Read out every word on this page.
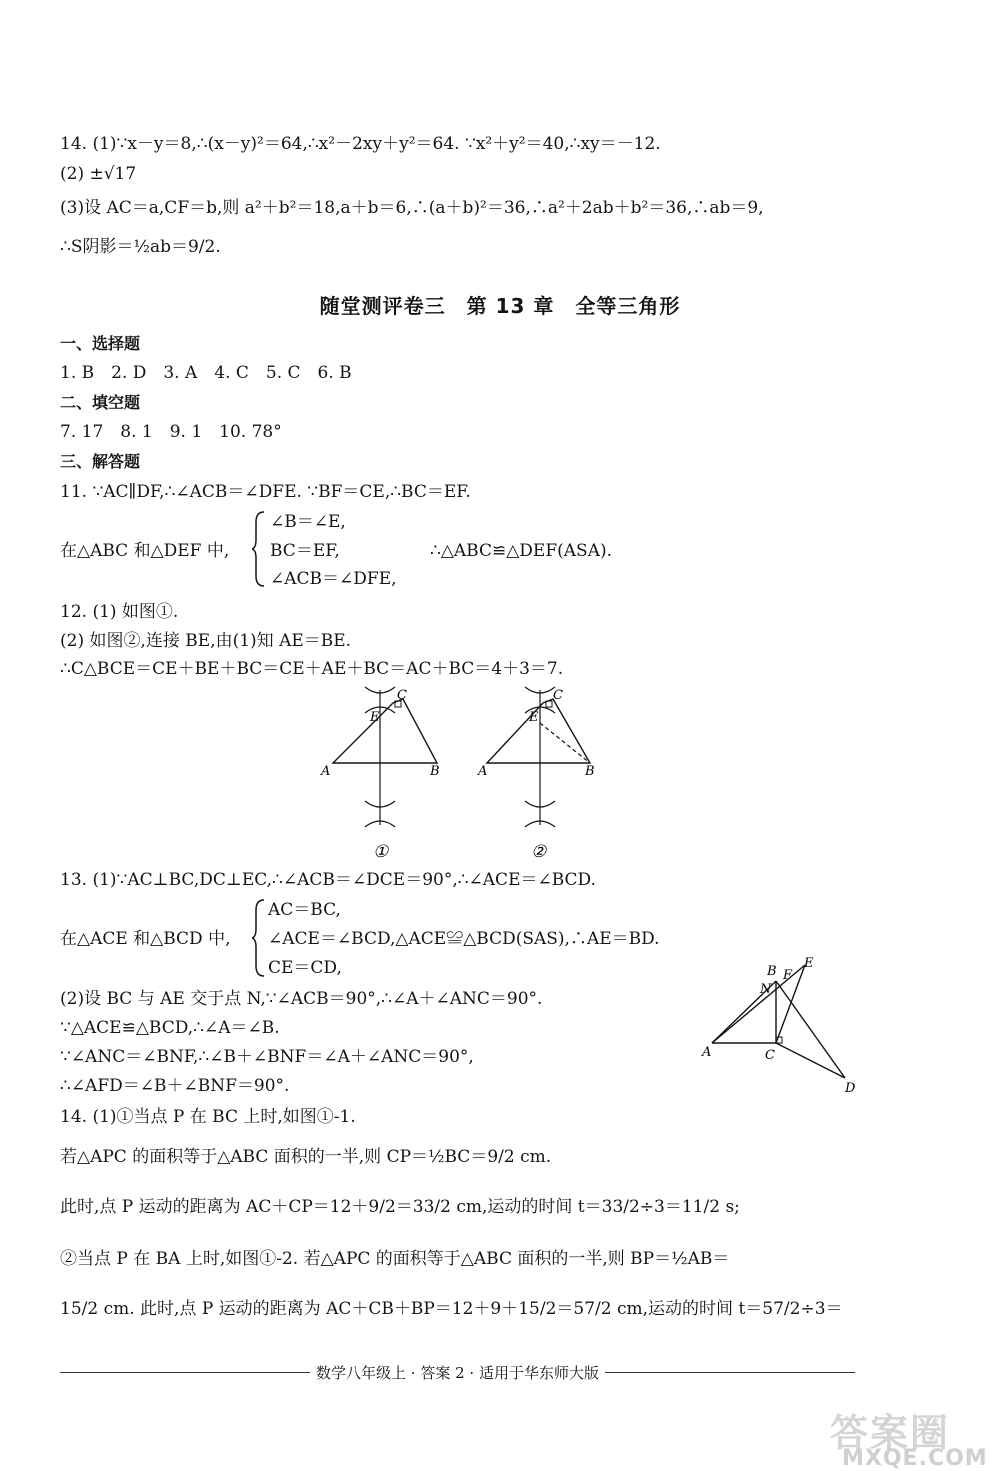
14. (1)∵x－y＝8,∴(x－y)²＝64,∴x²－2xy＋y²＝64. ∵x²＋y²＝40,∴xy＝－12.
(2) ±√17
(3)设 AC＝a,CF＝b,则 a²＋b²＝18,a＋b＝6,∴(a＋b)²＝36,∴a²＋2ab＋b²＝36,∴ab＝9,
∴S阴影＝½ab＝9/2.
随堂测评卷三　第 13 章　全等三角形
一、选择题
1. B　2. D　3. A　4. C　5. C　6. B
二、填空题
7. 17　8. 1　9. 1　10. 78°
三、解答题
11. ∵AC∥DF,∴∠ACB＝∠DFE. ∵BF＝CE,∴BC＝EF.
在△ABC 和△DEF 中,
∠B＝∠E,
BC＝EF,
∠ACB＝∠DFE,
∴△ABC≌△DEF(ASA).
12. (1) 如图①.
(2) 如图②,连接 BE,由(1)知 AE＝BE.
∴C△BCE＝CE＋BE＋BC＝CE＋AE＋BC＝AC＋BC＝4＋3＝7.
A	B
C
E
①
A	B
C
E
②
13. (1)∵AC⊥BC,DC⊥EC,∴∠ACB＝∠DCE＝90°,∴∠ACE＝∠BCD.
在△ACE 和△BCD 中,
AC＝BC,
∠ACE＝∠BCD,△ACE≌△BCD(SAS),∴AE＝BD.
CE＝CD,
(2)设 BC 与 AE 交于点 N,∵∠ACB＝90°,∴∠A＋∠ANC＝90°.
∵△ACE≌△BCD,∴∠A＝∠B.
∵∠ANC＝∠BNF,∴∠B＋∠BNF＝∠A＋∠ANC＝90°,
∴∠AFD＝∠B＋∠BNF＝90°.
A
B
C
D
E
F
N
14. (1)①当点 P 在 BC 上时,如图①-1.
若△APC 的面积等于△ABC 面积的一半,则 CP＝½BC＝9/2 cm.
此时,点 P 运动的距离为 AC＋CP＝12＋9/2＝33/2 cm,运动的时间 t＝33/2÷3＝11/2 s;
②当点 P 在 BA 上时,如图①-2. 若△APC 的面积等于△ABC 面积的一半,则 BP＝½AB＝
15/2 cm. 此时,点 P 运动的距离为 AC＋CB＋BP＝12＋9＋15/2＝57/2 cm,运动的时间 t＝57/2÷3＝
数学八年级上 · 答案 2 · 适用于华东师大版
答案圈
MXQE.COM
